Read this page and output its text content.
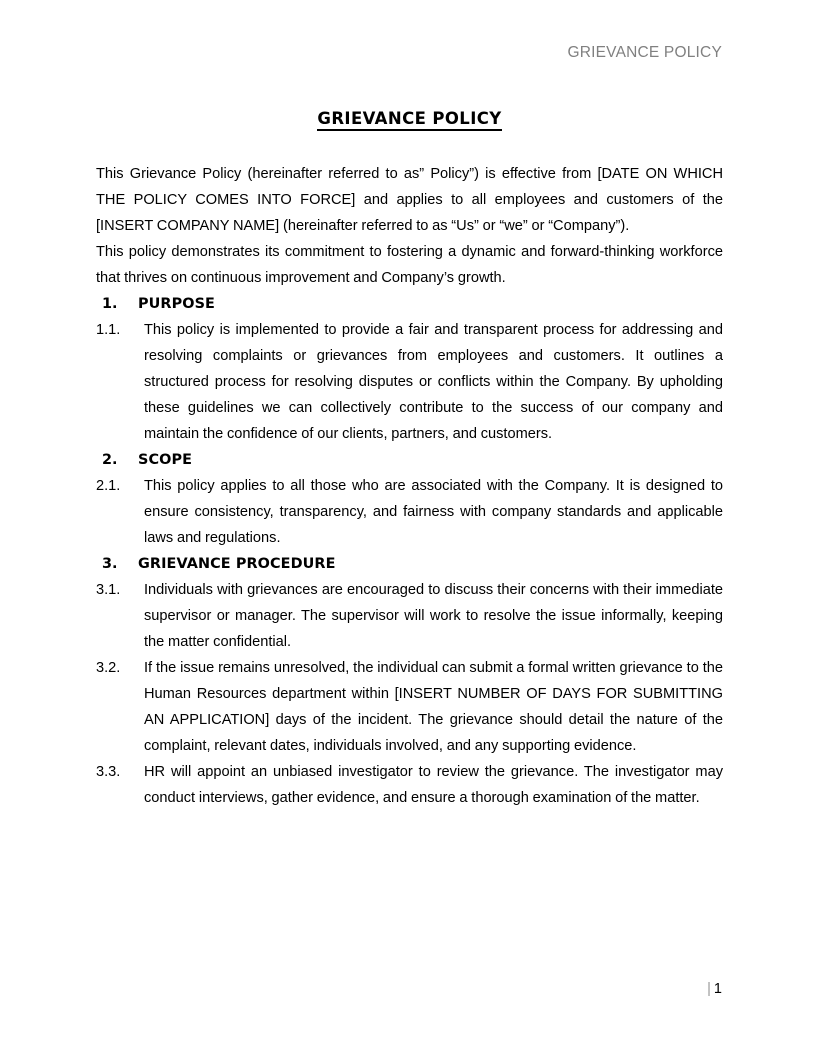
GRIEVANCE POLICY
GRIEVANCE POLICY

This Grievance Policy (hereinafter referred to as” Policy”) is effective from [DATE ON WHICH THE POLICY COMES INTO FORCE] and applies to all employees and customers of the [INSERT COMPANY NAME] (hereinafter referred to as “Us” or “we” or “Company”).

This policy demonstrates its commitment to fostering a dynamic and forward-thinking workforce that thrives on continuous improvement and Company’s growth.

1.	PURPOSE
1.1.	This policy is implemented to provide a fair and transparent process for addressing and resolving complaints or grievances from employees and customers. It outlines a structured process for resolving disputes or conflicts within the Company. By upholding these guidelines we can collectively contribute to the success of our company and maintain the confidence of our clients, partners, and customers.
2.	SCOPE
2.1.	This policy applies to all those who are associated with the Company. It is designed to ensure consistency, transparency, and fairness with company standards and applicable laws and regulations.
3.	GRIEVANCE PROCEDURE
3.1.	Individuals with grievances are encouraged to discuss their concerns with their immediate supervisor or manager. The supervisor will work to resolve the issue informally, keeping the matter confidential.
3.2.	If the issue remains unresolved, the individual can submit a formal written grievance to the Human Resources department within [INSERT NUMBER OF DAYS FOR SUBMITTING AN APPLICATION] days of the incident. The grievance should detail the nature of the complaint, relevant dates, individuals involved, and any supporting evidence.
3.3.	HR will appoint an unbiased investigator to review the grievance. The investigator may conduct interviews, gather evidence, and ensure a thorough examination of the matter.
| 1
